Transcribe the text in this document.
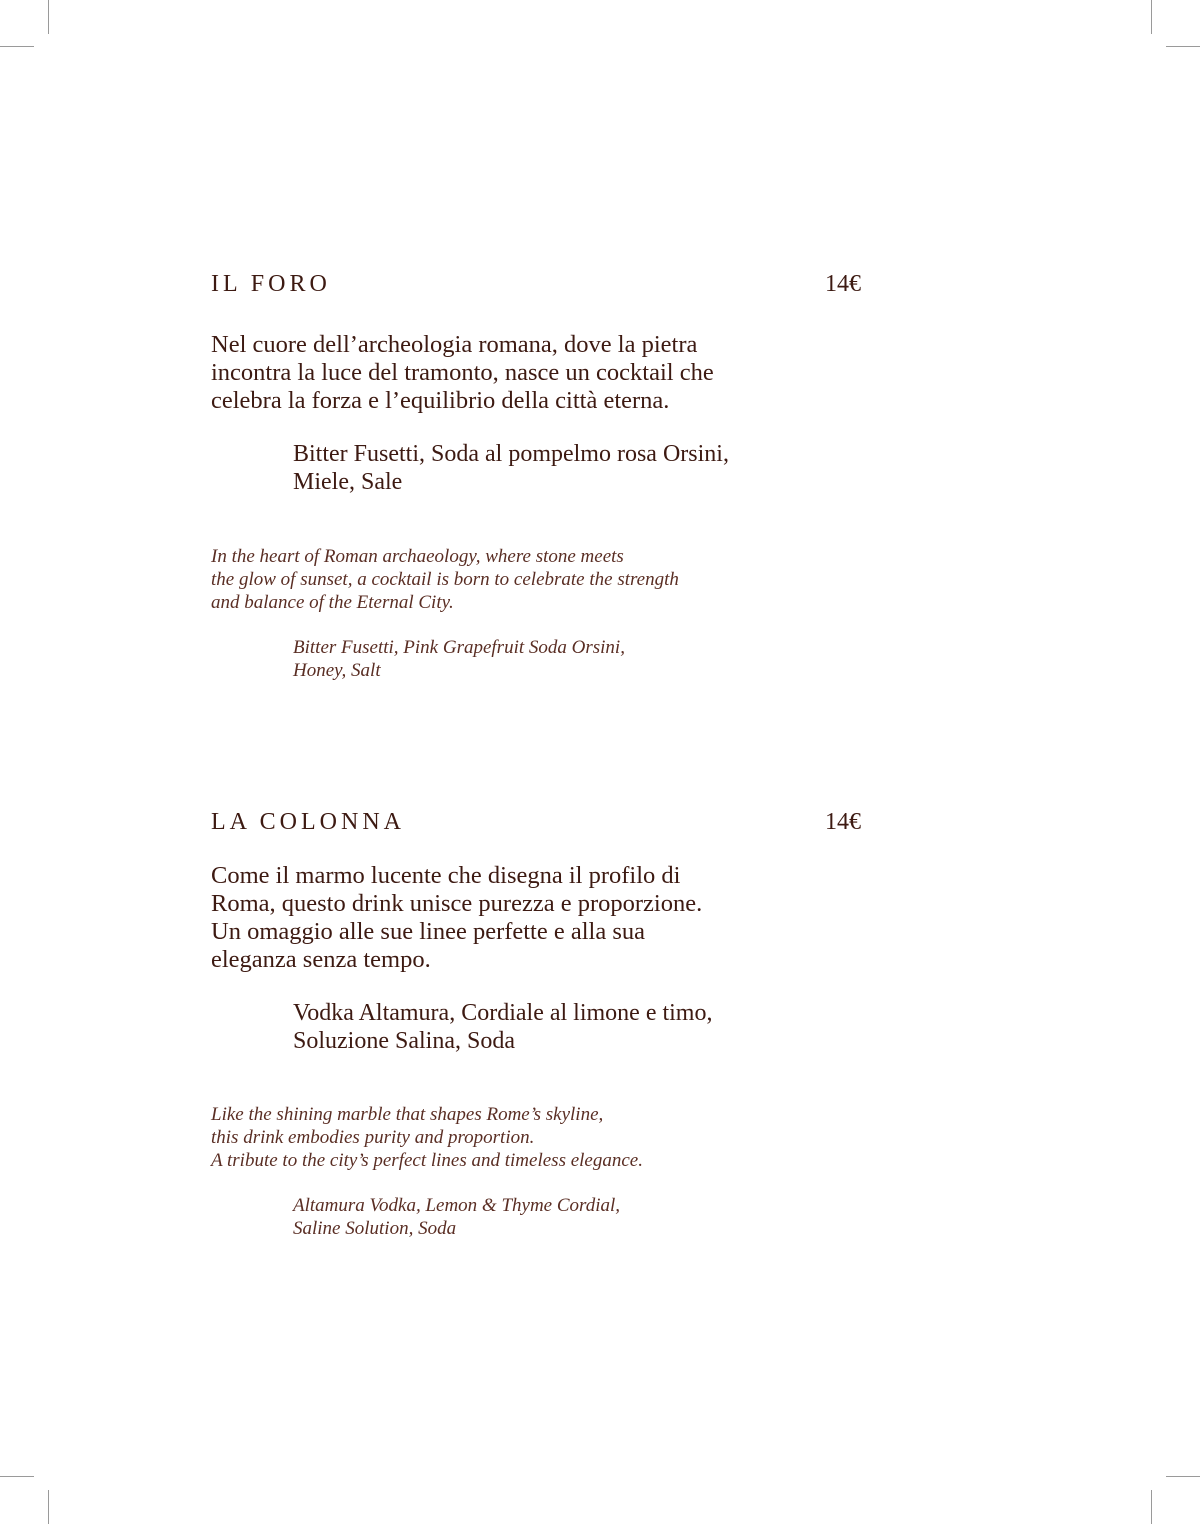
IL FORO	14€
Nel cuore dell’archeologia romana, dove la pietra
incontra la luce del tramonto, nasce un cocktail che
celebra la forza e l’equilibrio della città eterna.
Bitter Fusetti, Soda al pompelmo rosa Orsini,
Miele, Sale
In the heart of Roman archaeology, where stone meets
the glow of sunset, a cocktail is born to celebrate the strength
and balance of the Eternal City.
Bitter Fusetti, Pink Grapefruit Soda Orsini,
Honey, Salt
LA COLONNA	14€
Come il marmo lucente che disegna il profilo di
Roma, questo drink unisce purezza e proporzione.
Un omaggio alle sue linee perfette e alla sua
eleganza senza tempo.
Vodka Altamura, Cordiale al limone e timo,
Soluzione Salina, Soda
Like the shining marble that shapes Rome’s skyline,
this drink embodies purity and proportion.
A tribute to the city’s perfect lines and timeless elegance.
Altamura Vodka, Lemon & Thyme Cordial,
Saline Solution, Soda
